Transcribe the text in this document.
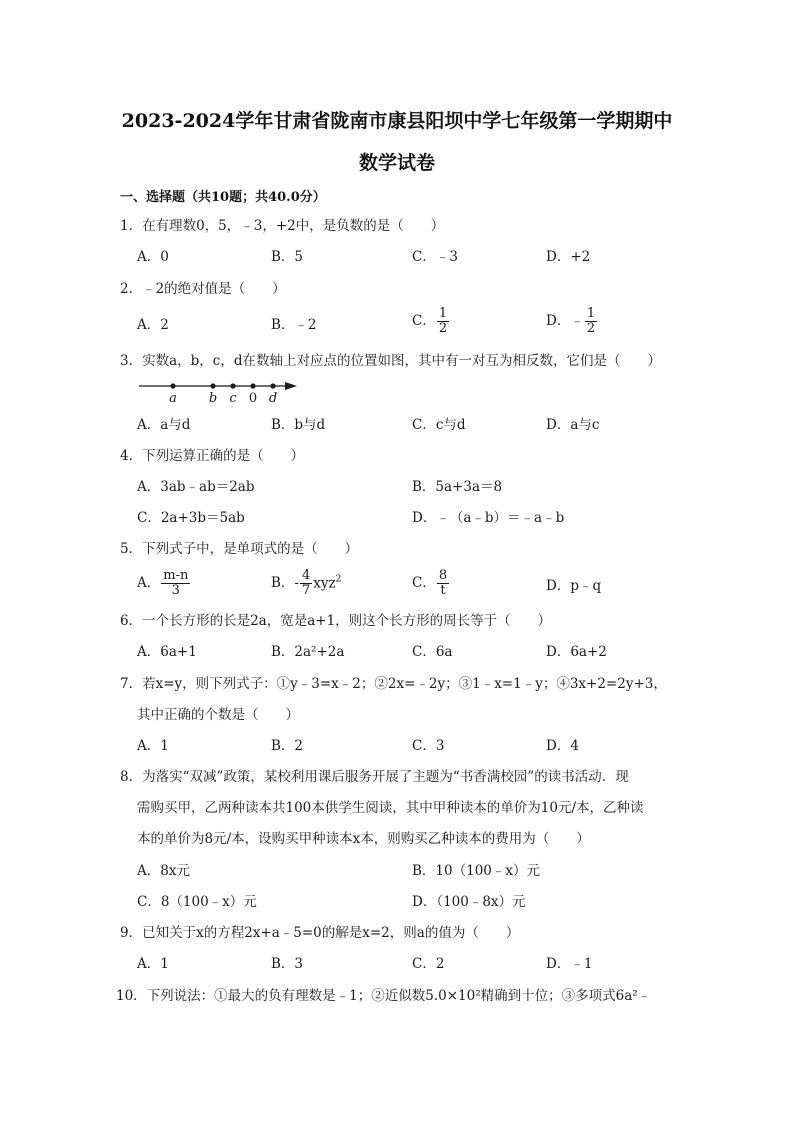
2023-2024学年甘肃省陇南市康县阳坝中学七年级第一学期期中
数学试卷
一、选择题（共10题；共40.0分）
1．在有理数0，5，﹣3，+2中，是负数的是（　　）
A．0	B．5	C．﹣3	D．+2
2．﹣2的绝对值是（　　）
A．2	B．﹣2	C． $\frac{1}{2}$	D．﹣ $\frac{1}{2}$
3．实数a，b，c，d在数轴上对应点的位置如图，其中有一对互为相反数，它们是（　　）
a b c 0 d
A．a与d	B．b与d	C．c与d	D．a与c
4．下列运算正确的是（　　）
A．3ab﹣ab＝2ab	B．5a+3a＝8
C．2a+3b＝5ab	D．﹣（a﹣b）＝﹣a﹣b
5．下列式子中，是单项式的是（　　）
A． $\frac{m-n}{3}$	B．- $\frac{4}{7} xyz^2$	C． $\frac{8}{t}$	D．p﹣q
6．一个长方形的长是2a，宽是a+1，则这个长方形的周长等于（　　）
A．6a+1	B．2a²+2a	C．6a	D．6a+2
7．若x=y，则下列式子：①y﹣3=x﹣2；②2x=﹣2y；③1﹣x=1﹣y；④3x+2=2y+3，
其中正确的个数是（　　）
A．1	B．2	C．3	D．4
8．为落实“双减”政策，某校利用课后服务开展了主题为“书香满校园”的读书活动．现
需购买甲，乙两种读本共100本供学生阅读，其中甲种读本的单价为10元/本，乙种读
本的单价为8元/本，设购买甲种读本x本，则购买乙种读本的费用为（　　）
A．8x元	B．10（100﹣x）元
C．8（100﹣x）元	D．（100﹣8x）元
9．已知关于x的方程2x+a﹣5=0的解是x=2，则a的值为（　　）
A．1	B．3	C．2	D．﹣1
10．下列说法：①最大的负有理数是﹣1；②近似数5.0×10²精确到十位；③多项式6a²﹣
